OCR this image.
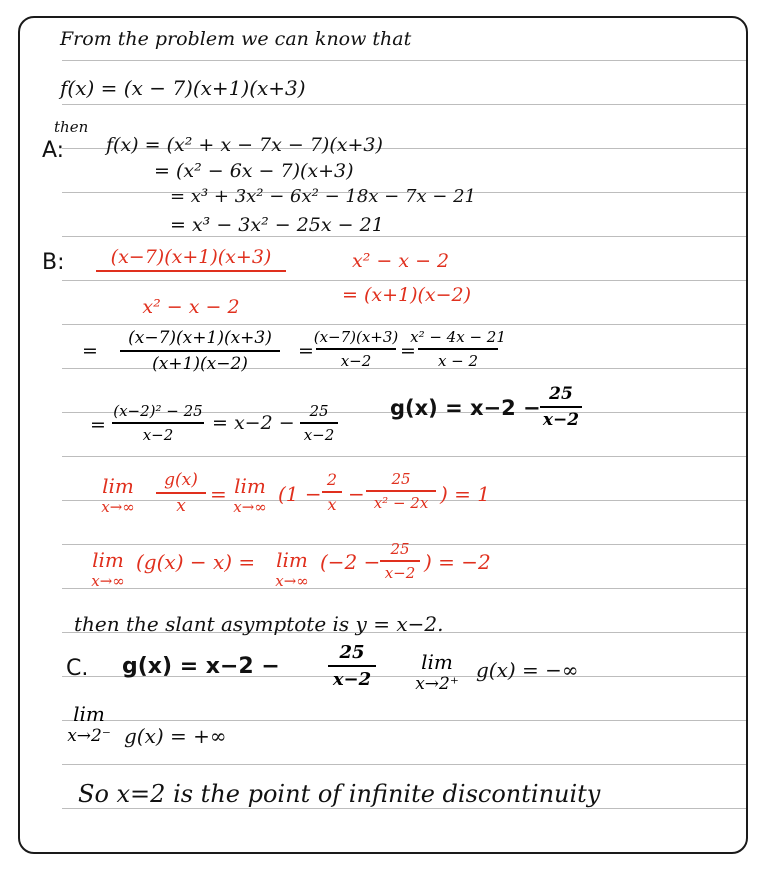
From the problem we can know that
f(x) = (x − 7)(x+1)(x+3)
then
A: f(x) = (x² + x − 7x − 7)(x+3)
= (x² − 6x − 7)(x+3)
= x³ + 3x² − 6x² − 18x − 7x − 21
= x³ − 3x² − 25x − 21
B: (x−7)(x+1)(x+3)
x² − x − 2
x² − x − 2
= (x+1)(x−2)
=
(x−7)(x+1)(x+3)
(x+1)(x−2)
=
(x−7)(x+3)
x−2 =
x² − 4x − 21
x − 2
=
(x−2)² − 25
x−2
= x−2 −
25
x−2
g(x) = x−2 −
25
x−2
lim
x→∞
g(x)
x = lim
x→∞
(1 −
2
x −
25
x² − 2x ) = 1
lim
x→∞
(g(x) − x) = lim
x→∞
(−2 −
25
x−2 ) = −2
then the slant asymptote is y = x−2.
C. g(x) = x−2 −
25
x−2
lim
x→2⁺
g(x) = −∞
lim
x→2⁻ g(x) = +∞
So x=2 is the point of infinite discontinuity
